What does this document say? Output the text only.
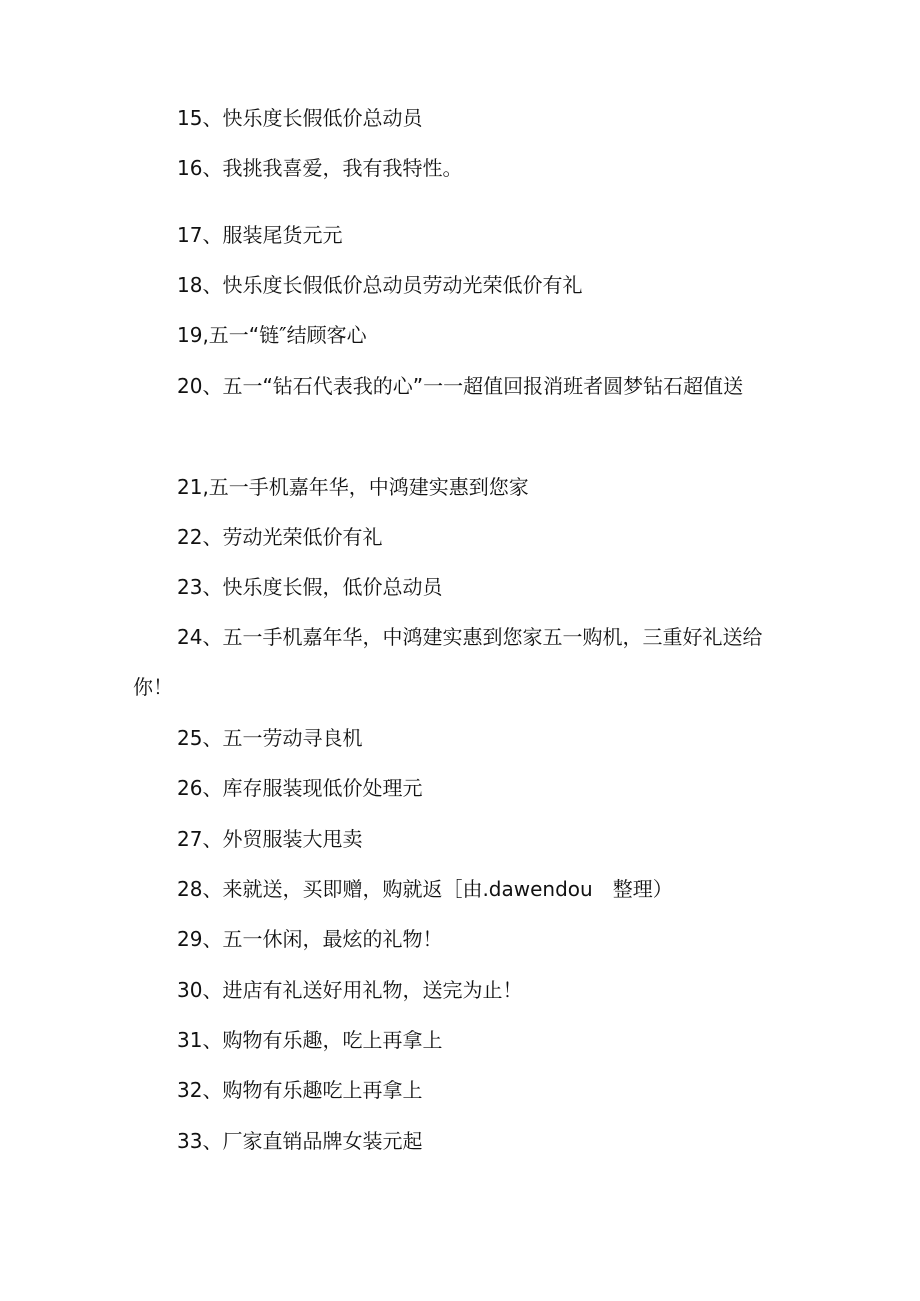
15、快乐度长假低价总动员

16、我挑我喜爱，我有我特性。

17、服装尾货元元

18、快乐度长假低价总动员劳动光荣低价有礼

19,五一“链″结顾客心

20、五一“钻石代表我的心”一一超值回报消班者圆梦钻石超值送

21,五一手机嘉年华，中鸿建实惠到您家

22、劳动光荣低价有礼

23、快乐度长假，低价总动员

24、五一手机嘉年华，中鸿建实惠到您家五一购机，三重好礼送给你！

25、五一劳动寻良机

26、库存服装现低价处理元

27、外贸服装大甩卖

28、来就送，买即赠，购就返［由.dawendou　整理）

29、五一休闲，最炫的礼物！

30、进店有礼送好用礼物，送完为止！

31、购物有乐趣，吃上再拿上

32、购物有乐趣吃上再拿上

33、厂家直销品牌女装元起
